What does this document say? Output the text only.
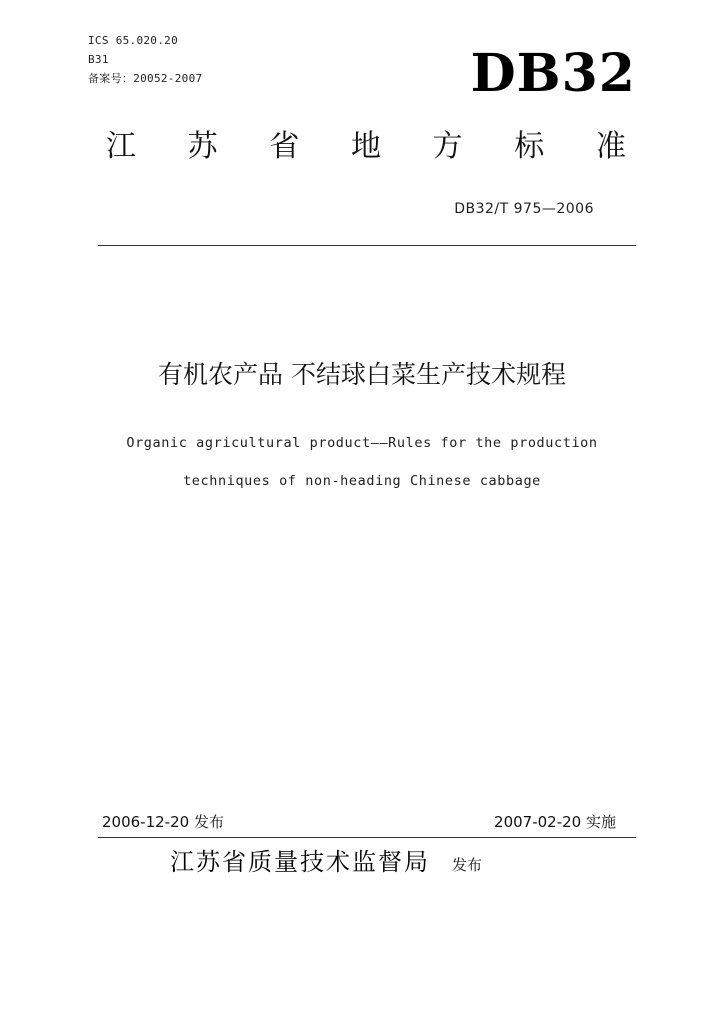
ICS 65.020.20
B31
备案号：20052-2007	DB32
江 苏 省 地 方 标 准
DB32/T 975—2006
有机农产品 不结球白菜生产技术规程
Organic agricultural product——Rules for the production
techniques of non-heading Chinese cabbage
2006-12-20 发布	2007-02-20 实施
江苏省质量技术监督局 发布
